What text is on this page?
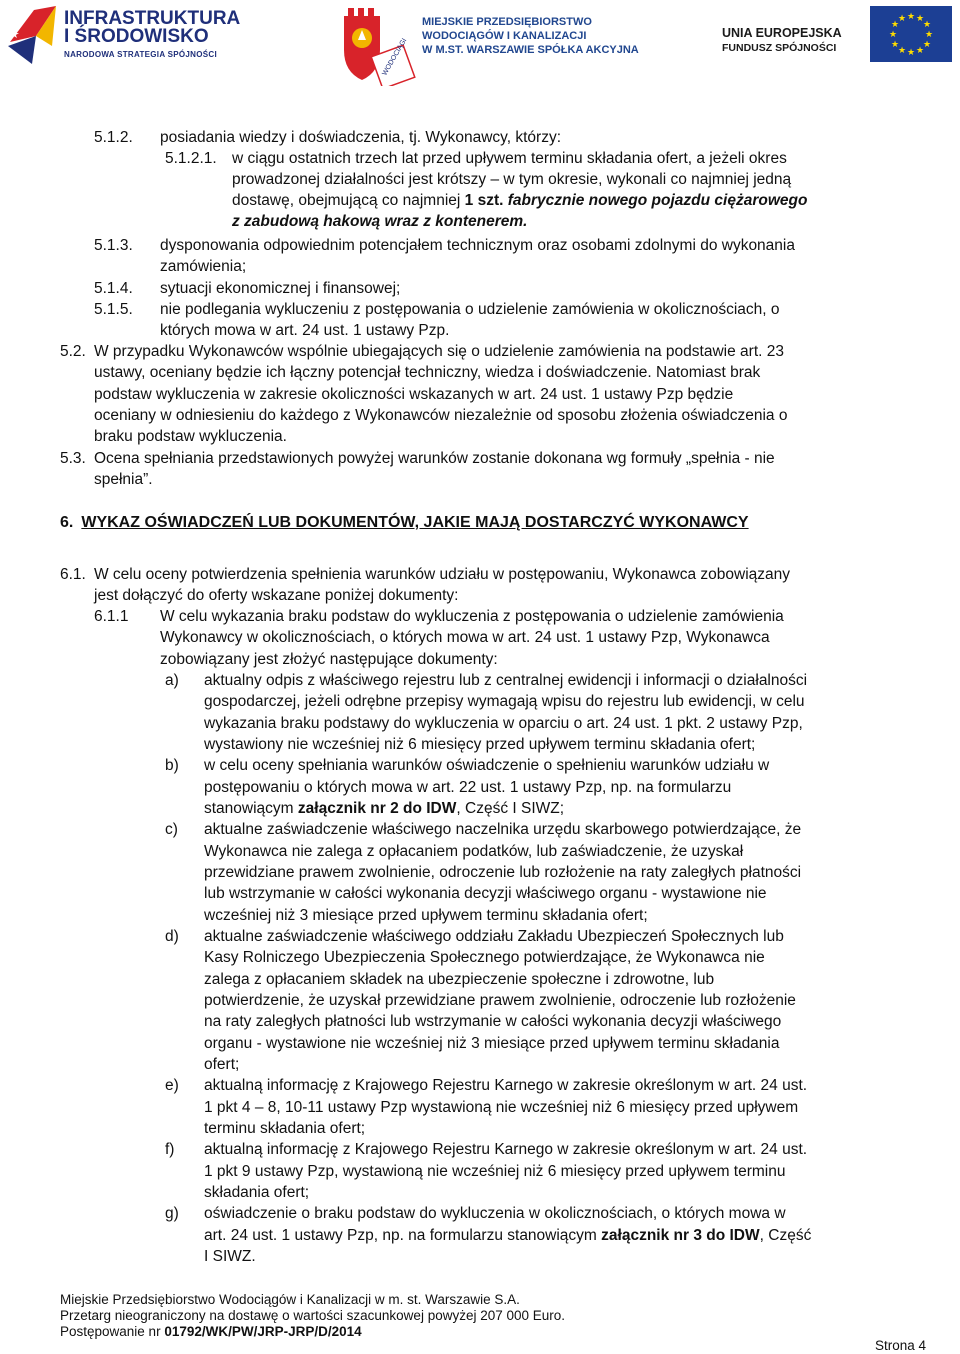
INFRASTRUKTURA
I ŚRODOWISKO
NARODOWA STRATEGIA SPÓJNOŚCI	WODOCIĄGI
MIEJSKIE PRZEDSIĘBIORSTWO
WODOCIĄGÓW I KANALIZACJI
W M.ST. WARSZAWIE SPÓŁKA AKCYJNA
UNIA EUROPEJSKA
FUNDUSZ SPÓJNOŚCI
★ ★
★
★
★
★
★
★
★
★
★
★
5.1.2. posiadania wiedzy i doświadczenia, tj. Wykonawcy, którzy:
5.1.2.1. w ciągu ostatnich trzech lat przed upływem terminu składania ofert, a jeżeli okres
prowadzonej działalności jest krótszy – w tym okresie, wykonali co najmniej jedną
dostawę, obejmującą co najmniej 1 szt. fabrycznie nowego pojazdu ciężarowego
z zabudową hakową wraz z kontenerem.
5.1.3. dysponowania odpowiednim potencjałem technicznym oraz osobami zdolnymi do wykonania
zamówienia;
5.1.4. sytuacji ekonomicznej i finansowej;
5.1.5. nie podlegania wykluczeniu z postępowania o udzielenie zamówienia w okolicznościach, o
których mowa w art. 24 ust. 1 ustawy Pzp.
5.2. W przypadku Wykonawców wspólnie ubiegających się o udzielenie zamówienia na podstawie art. 23
ustawy, oceniany będzie ich łączny potencjał techniczny, wiedza i doświadczenie. Natomiast brak
podstaw wykluczenia w zakresie okoliczności wskazanych w art. 24 ust. 1 ustawy Pzp będzie
oceniany w odniesieniu do każdego z Wykonawców niezależnie od sposobu złożenia oświadczenia o
braku podstaw wykluczenia.
5.3. Ocena spełniania przedstawionych powyżej warunków zostanie dokonana wg formuły „spełnia - nie
spełnia”.
6. WYKAZ OŚWIADCZEŃ LUB DOKUMENTÓW, JAKIE MAJĄ DOSTARCZYĆ WYKONAWCY
6.1. W celu oceny potwierdzenia spełnienia warunków udziału w postępowaniu, Wykonawca zobowiązany
jest dołączyć do oferty wskazane poniżej dokumenty:
6.1.1 W celu wykazania braku podstaw do wykluczenia z postępowania o udzielenie zamówienia
Wykonawcy w okolicznościach, o których mowa w art. 24 ust. 1 ustawy Pzp, Wykonawca
zobowiązany jest złożyć następujące dokumenty:
a) aktualny odpis z właściwego rejestru lub z centralnej ewidencji i informacji o działalności
gospodarczej, jeżeli odrębne przepisy wymagają wpisu do rejestru lub ewidencji, w celu
wykazania braku podstawy do wykluczenia w oparciu o art. 24 ust. 1 pkt. 2 ustawy Pzp,
wystawiony nie wcześniej niż 6 miesięcy przed upływem terminu składania ofert;
b) w celu oceny spełniania warunków oświadczenie o spełnieniu warunków udziału w
postępowaniu o których mowa w art. 22 ust. 1 ustawy Pzp, np. na formularzu
stanowiącym załącznik nr 2 do IDW, Część I SIWZ;
c) aktualne zaświadczenie właściwego naczelnika urzędu skarbowego potwierdzające, że
Wykonawca nie zalega z opłacaniem podatków, lub zaświadczenie, że uzyskał
przewidziane prawem zwolnienie, odroczenie lub rozłożenie na raty zaległych płatności
lub wstrzymanie w całości wykonania decyzji właściwego organu - wystawione nie
wcześniej niż 3 miesiące przed upływem terminu składania ofert;
d) aktualne zaświadczenie właściwego oddziału Zakładu Ubezpieczeń Społecznych lub
Kasy Rolniczego Ubezpieczenia Społecznego potwierdzające, że Wykonawca nie
zalega z opłacaniem składek na ubezpieczenie społeczne i zdrowotne, lub
potwierdzenie, że uzyskał przewidziane prawem zwolnienie, odroczenie lub rozłożenie
na raty zaległych płatności lub wstrzymanie w całości wykonania decyzji właściwego
organu - wystawione nie wcześniej niż 3 miesiące przed upływem terminu składania
ofert;
e) aktualną informację z Krajowego Rejestru Karnego w zakresie określonym w art. 24 ust.
1 pkt 4 – 8, 10-11 ustawy Pzp wystawioną nie wcześniej niż 6 miesięcy przed upływem
terminu składania ofert;
f) aktualną informację z Krajowego Rejestru Karnego w zakresie określonym w art. 24 ust.
1 pkt 9 ustawy Pzp, wystawioną nie wcześniej niż 6 miesięcy przed upływem terminu
składania ofert;
g) oświadczenie o braku podstaw do wykluczenia w okolicznościach, o których mowa w
art. 24 ust. 1 ustawy Pzp, np. na formularzu stanowiącym załącznik nr 3 do IDW, Część
I SIWZ.
Miejskie Przedsiębiorstwo Wodociągów i Kanalizacji w m. st. Warszawie S.A.
Przetarg nieograniczony na dostawę o wartości szacunkowej powyżej 207 000 Euro.
Postępowanie nr 01792/WK/PW/JRP-JRP/D/2014
Strona 4
